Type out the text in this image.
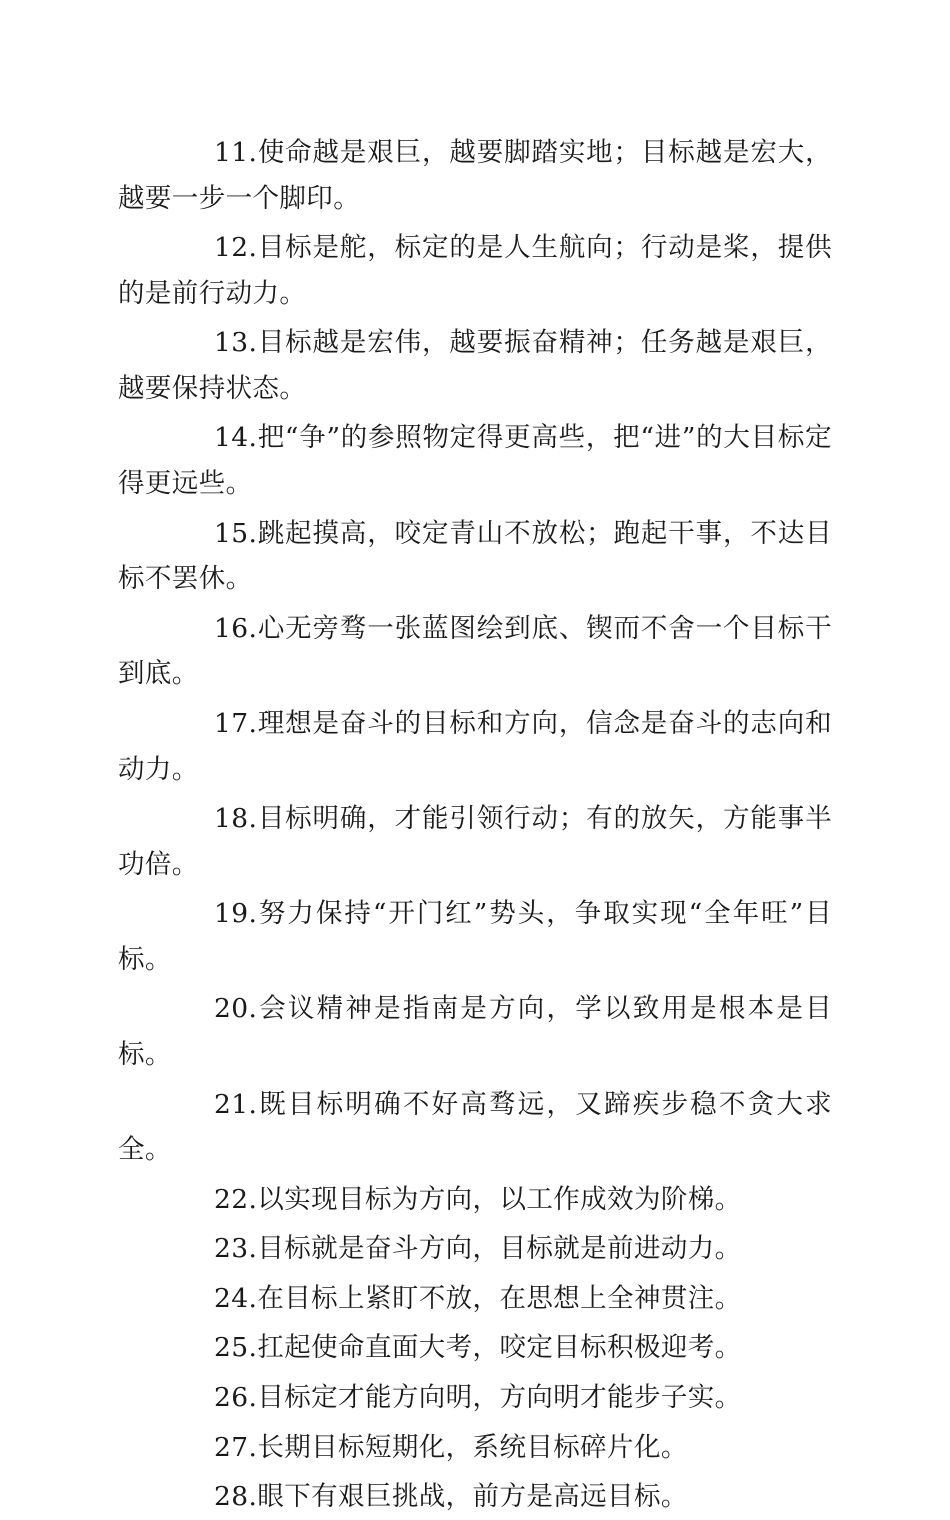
11.使命越是艰巨，越要脚踏实地；目标越是宏大，越要一步一个脚印。

12.目标是舵，标定的是人生航向；行动是桨，提供的是前行动力。

13.目标越是宏伟，越要振奋精神；任务越是艰巨，越要保持状态。

14.把“争”的参照物定得更高些，把“进”的大目标定得更远些。

15.跳起摸高，咬定青山不放松；跑起干事，不达目标不罢休。

16.心无旁骛一张蓝图绘到底、锲而不舍一个目标干到底。

17.理想是奋斗的目标和方向，信念是奋斗的志向和动力。

18.目标明确，才能引领行动；有的放矢，方能事半功倍。

19.努力保持“开门红”势头，争取实现“全年旺”目标。

20.会议精神是指南是方向，学以致用是根本是目标。

21.既目标明确不好高骛远，又蹄疾步稳不贪大求全。

22.以实现目标为方向，以工作成效为阶梯。

23.目标就是奋斗方向，目标就是前进动力。

24.在目标上紧盯不放，在思想上全神贯注。

25.扛起使命直面大考，咬定目标积极迎考。

26.目标定才能方向明，方向明才能步子实。

27.长期目标短期化，系统目标碎片化。

28.眼下有艰巨挑战，前方是高远目标。
